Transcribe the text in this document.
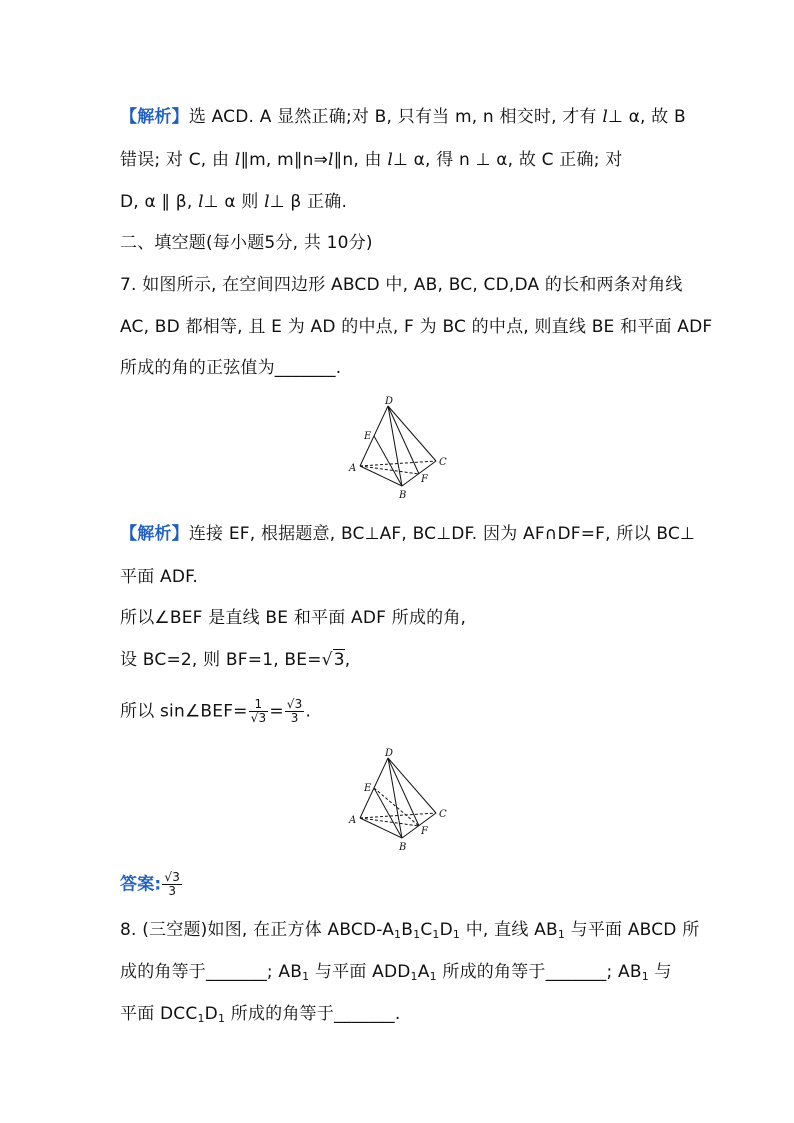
【解析】选 ACD. A 显然正确;对 B, 只有当 m, n 相交时, 才有 l⊥ α, 故 B
错误; 对 C, 由 l∥m, m∥n⇒l∥n, 由 l⊥ α, 得 n ⊥ α, 故 C 正确; 对
D, α ∥ β, l⊥ α 则 l⊥ β 正确.
二、填空题(每小题5分, 共 10分)
7. 如图所示, 在空间四边形 ABCD 中, AB, BC, CD,DA 的长和两条对角线
AC, BD 都相等, 且 E 为 AD 的中点, F 为 BC 的中点, 则直线 BE 和平面 ADF
所成的角的正弦值为_______.
D
E
A
C
F
B
【解析】连接 EF, 根据题意, BC⊥AF, BC⊥DF. 因为 AF∩DF=F, 所以 BC⊥
平面 ADF.
所以∠BEF 是直线 BE 和平面 ADF 所成的角,
设 BC=2, 则 BF=1, BE=√3,
所以 sin∠BEF= $\frac{1}{√3} = \frac{√3}{3}$ .
D
E
A
C
F
B
答案: $\frac{√3}{3}$
8. (三空题)如图, 在正方体 ABCD-$A_1B_1C_1D_1$ 中, 直线 $AB_1$ 与平面 ABCD 所
成的角等于_______; $AB_1$ 与平面 $ADD_1A_1$ 所成的角等于_______; $AB_1$ 与
平面 $DCC_1D_1$ 所成的角等于_______.
